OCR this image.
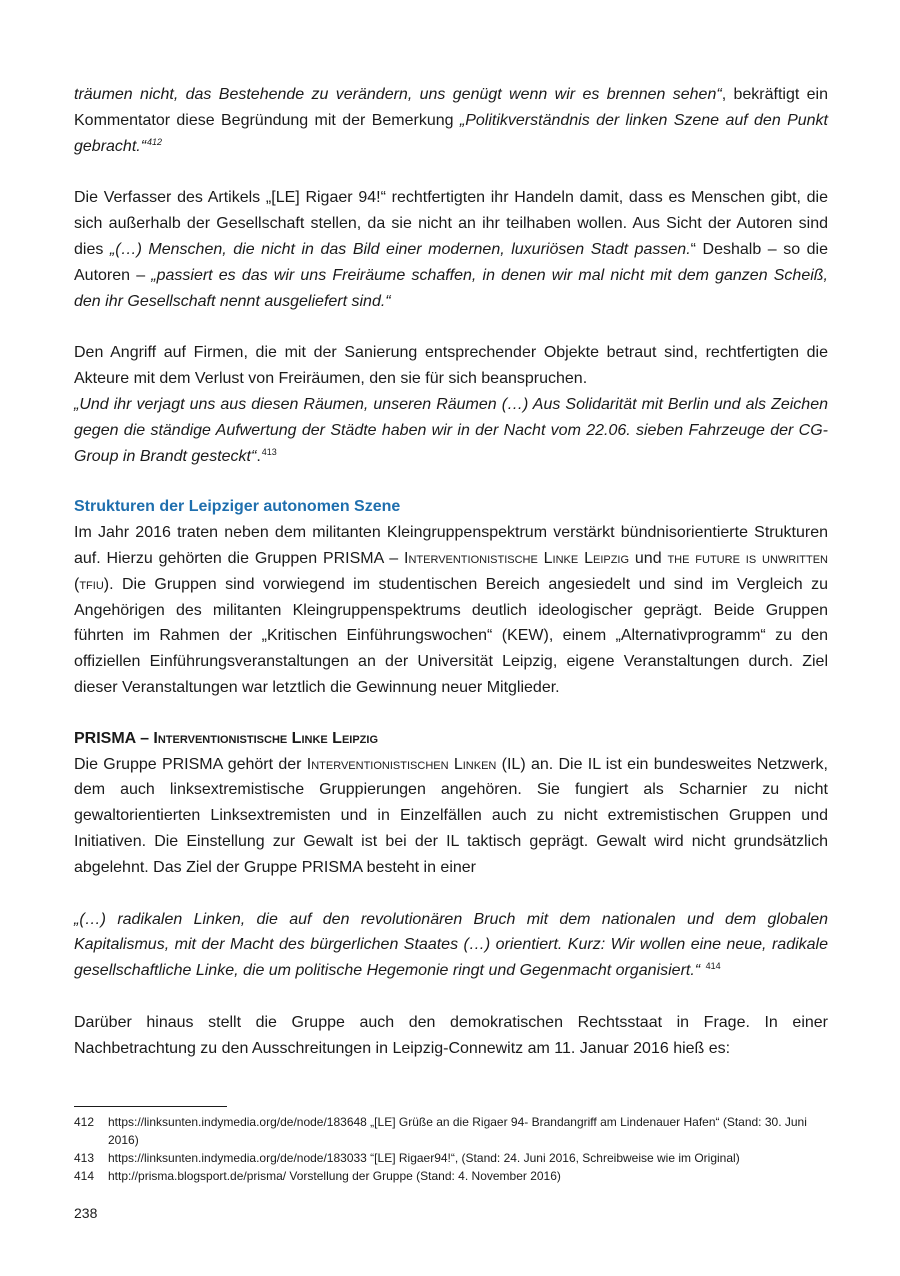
träumen nicht, das Bestehende zu verändern, uns genügt wenn wir es brennen sehen“, bekräftigt ein Kommentator diese Begründung mit der Bemerkung „Politikverständnis der linken Szene auf den Punkt gebracht.“$^{412}$

Die Verfasser des Artikels „[LE] Rigaer 94!“ rechtfertigten ihr Handeln damit, dass es Menschen gibt, die sich außerhalb der Gesellschaft stellen, da sie nicht an ihr teilhaben wollen. Aus Sicht der Autoren sind dies „(…) Menschen, die nicht in das Bild einer modernen, luxuriösen Stadt passen.“ Deshalb – so die Autoren – „passiert es das wir uns Freiräume schaffen, in denen wir mal nicht mit dem ganzen Scheiß, den ihr Gesellschaft nennt ausgeliefert sind.“

Den Angriff auf Firmen, die mit der Sanierung entsprechender Objekte betraut sind, rechtfertigten die Akteure mit dem Verlust von Freiräumen, den sie für sich beanspruchen.

„Und ihr verjagt uns aus diesen Räumen, unseren Räumen (…) Aus Solidarität mit Berlin und als Zeichen gegen die ständige Aufwertung der Städte haben wir in der Nacht vom 22.06. sieben Fahrzeuge der CG-Group in Brandt gesteckt“.$^{413}$

Strukturen der Leipziger autonomen Szene

Im Jahr 2016 traten neben dem militanten Kleingruppenspektrum verstärkt bündnisorientierte Strukturen auf. Hierzu gehörten die Gruppen PRISMA – Interventionistische Linke Leipzig und the future is unwritten (tfiu). Die Gruppen sind vorwiegend im studentischen Bereich angesiedelt und sind im Vergleich zu Angehörigen des militanten Kleingruppenspektrums deutlich ideologischer geprägt. Beide Gruppen führten im Rahmen der „Kritischen Einführungswochen“ (KEW), einem „Alternativprogramm“ zu den offiziellen Einführungsveranstaltungen an der Universität Leipzig, eigene Veranstaltungen durch. Ziel dieser Veranstaltungen war letztlich die Gewinnung neuer Mitglieder.

PRISMA – Interventionistische Linke Leipzig

Die Gruppe PRISMA gehört der Interventionistischen Linken (IL) an. Die IL ist ein bundesweites Netzwerk, dem auch linksextremistische Gruppierungen angehören. Sie fungiert als Scharnier zu nicht gewaltorientierten Linksextremisten und in Einzelfällen auch zu nicht extremistischen Gruppen und Initiativen. Die Einstellung zur Gewalt ist bei der IL taktisch geprägt. Gewalt wird nicht grundsätzlich abgelehnt. Das Ziel der Gruppe PRISMA besteht in einer

„(…) radikalen Linken, die auf den revolutionären Bruch mit dem nationalen und dem globalen Kapitalismus, mit der Macht des bürgerlichen Staates (…) orientiert. Kurz: Wir wollen eine neue, radikale gesellschaftliche Linke, die um politische Hegemonie ringt und Gegenmacht organisiert.“ $^{414}$

Darüber hinaus stellt die Gruppe auch den demokratischen Rechtsstaat in Frage. In einer Nachbetrachtung zu den Ausschreitungen in Leipzig-Connewitz am 11. Januar 2016 hieß es:

412	https://linksunten.indymedia.org/de/node/183648 „[LE] Grüße an die Rigaer 94- Brandangriff am Lindenauer Hafen“ (Stand: 30. Juni 2016)
413	https://linksunten.indymedia.org/de/node/183033 “[LE] Rigaer94!“, (Stand: 24. Juni 2016, Schreibweise wie im Original)
414	http://prisma.blogsport.de/prisma/ Vorstellung der Gruppe (Stand: 4. November 2016)
238
